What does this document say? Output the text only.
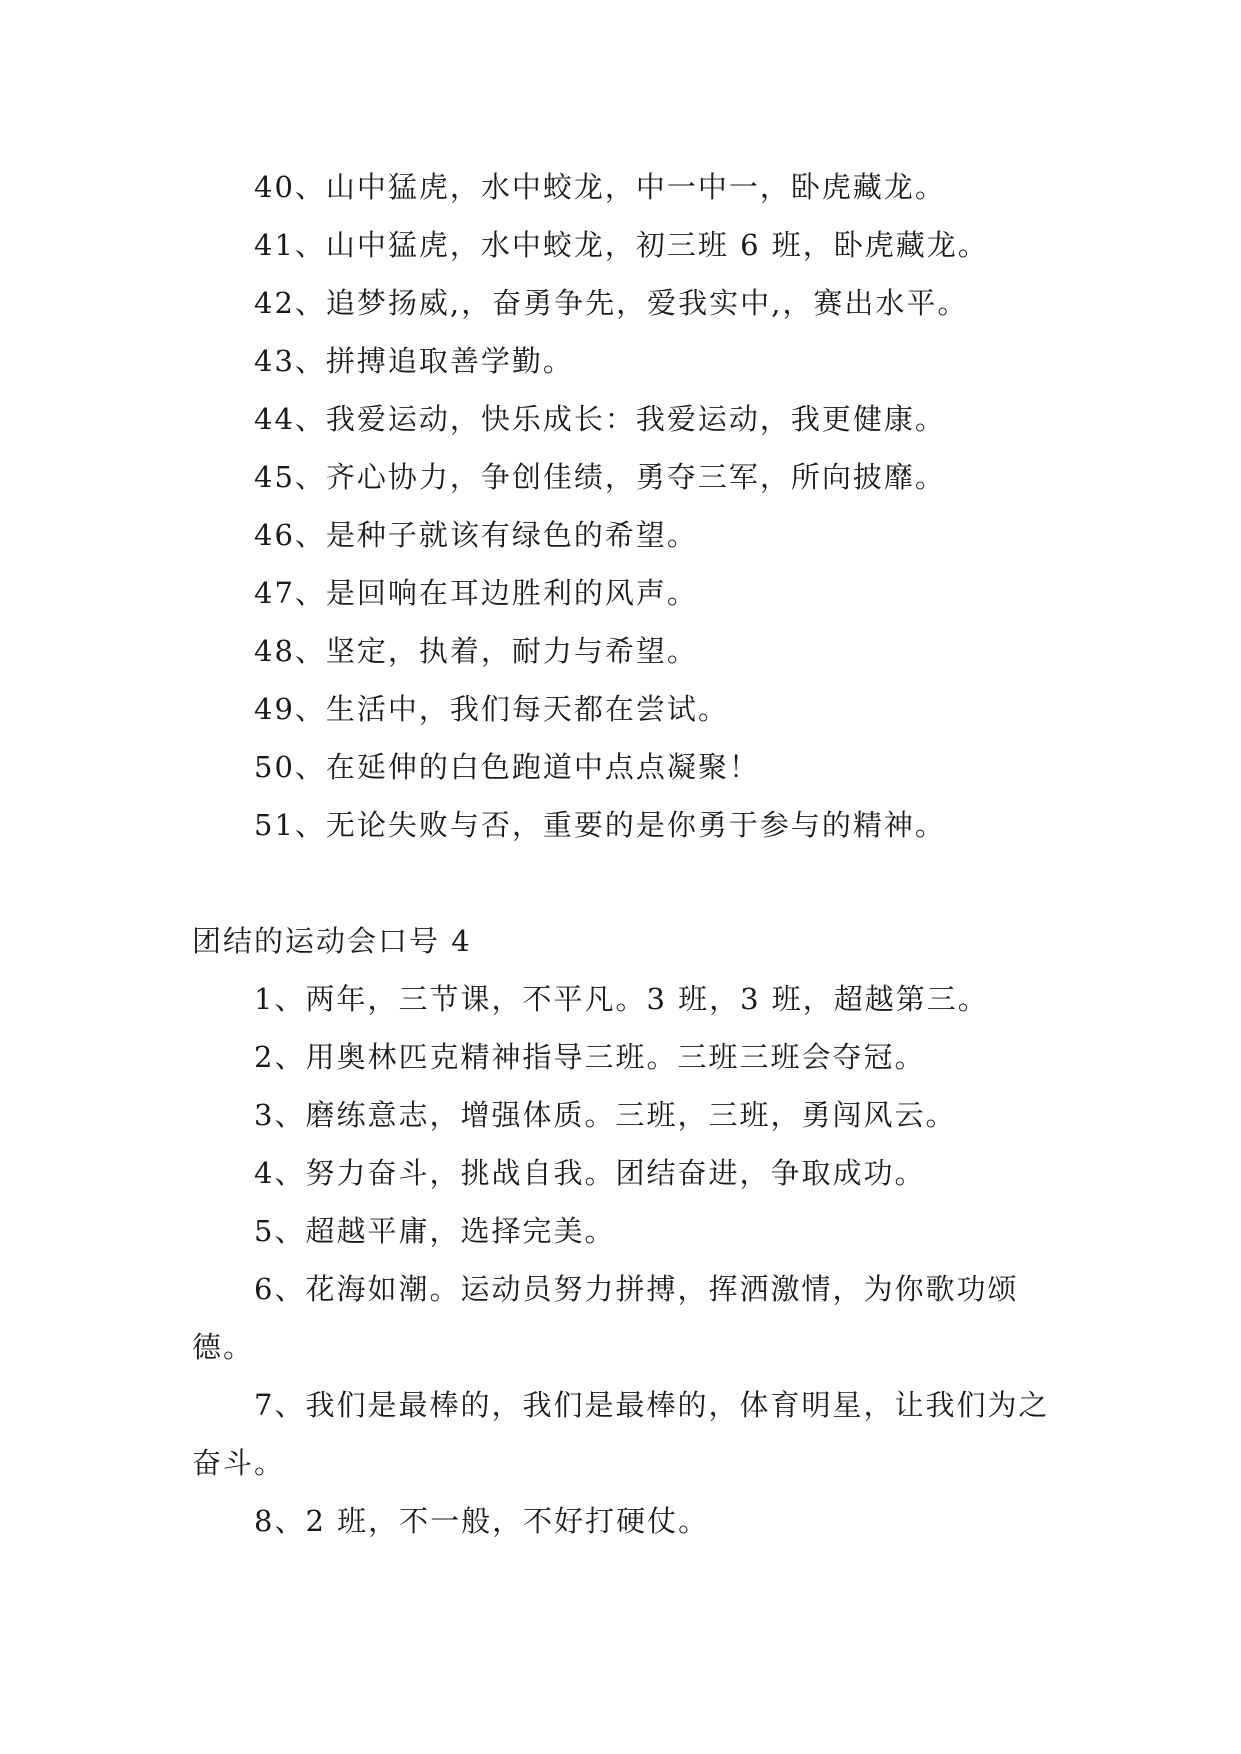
40、山中猛虎，水中蛟龙，中一中一，卧虎藏龙。

41、山中猛虎，水中蛟龙，初三班 6 班，卧虎藏龙。

42、追梦扬威,，奋勇争先，爱我实中,，赛出水平。

43、拼搏追取善学勤。

44、我爱运动，快乐成长：我爱运动，我更健康。

45、齐心协力，争创佳绩，勇夺三军，所向披靡。

46、是种子就该有绿色的希望。

47、是回响在耳边胜利的风声。

48、坚定，执着，耐力与希望。

49、生活中，我们每天都在尝试。

50、在延伸的白色跑道中点点凝聚！

51、无论失败与否，重要的是你勇于参与的精神。

团结的运动会口号 4

1、两年，三节课，不平凡。3 班，3 班，超越第三。

2、用奥林匹克精神指导三班。三班三班会夺冠。

3、磨练意志，增强体质。三班，三班，勇闯风云。

4、努力奋斗，挑战自我。团结奋进，争取成功。

5、超越平庸，选择完美。

6、花海如潮。运动员努力拼搏，挥洒激情，为你歌功颂德。

7、我们是最棒的，我们是最棒的，体育明星，让我们为之奋斗。

8、2 班，不一般，不好打硬仗。
